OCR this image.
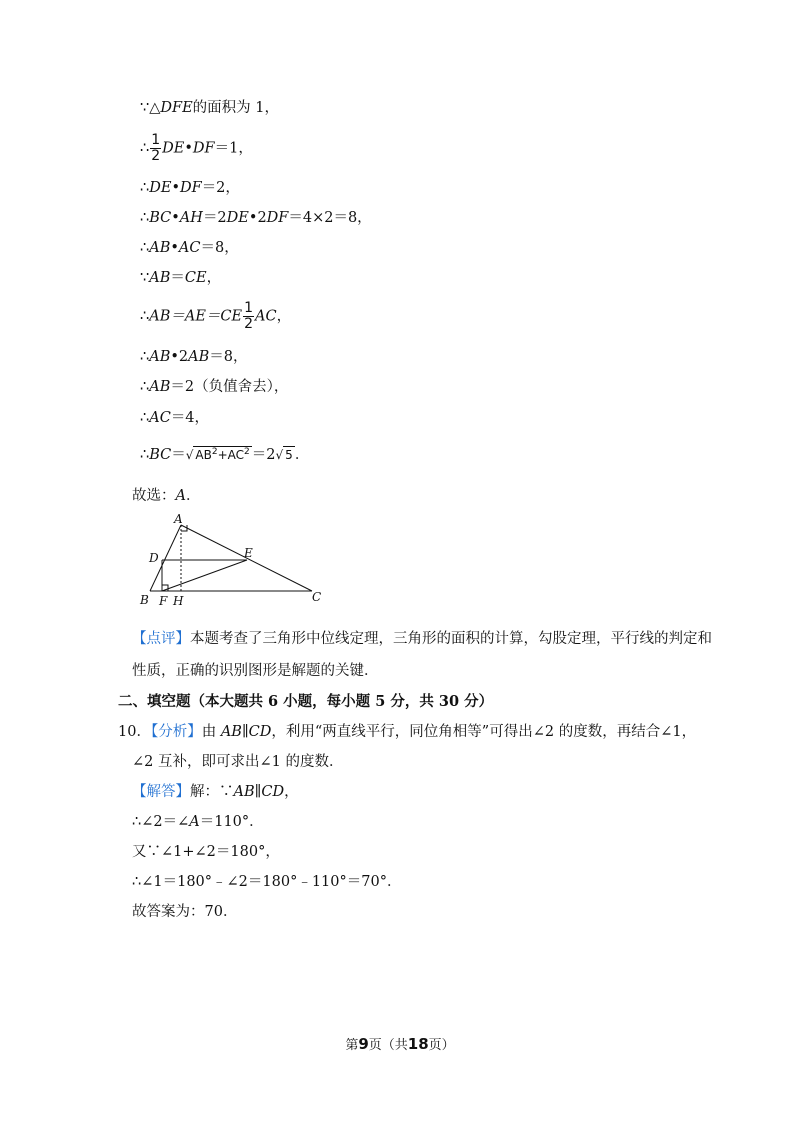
∵△DFE的面积为 1，
∴ $\frac{1}{2}$ DE•DF＝1，
∴DE•DF＝2，
∴BC•AH＝2DE•2DF＝4×2＝8，
∴AB•AC＝8，
∵AB＝CE，
∴AB＝AE＝CE $\frac{1}{2}$ AC，
∴AB•2AB＝8，
∴AB＝2（负值舍去），
∴AC＝4，
∴BC＝√ $AB^2+AC^2 =2√$ 5 ．
故选：A．
A
D	E
B F H	C
【点评】本题考查了三角形中位线定理，三角形的面积的计算，勾股定理，平行线的判定和
性质，正确的识别图形是解题的关键．
二、填空题（本大题共 6 小题，每小题 5 分，共 30 分）
10．【分析】由 AB∥CD，利用“两直线平行，同位角相等”可得出∠2 的度数，再结合∠1，
∠2 互补，即可求出∠1 的度数．
【解答】解：∵AB∥CD，
∴∠2＝∠A＝110°．
又∵∠1+∠2＝180°，
∴∠1＝180°﹣∠2＝180°﹣110°＝70°．
故答案为：70．
第9页（共18页）
